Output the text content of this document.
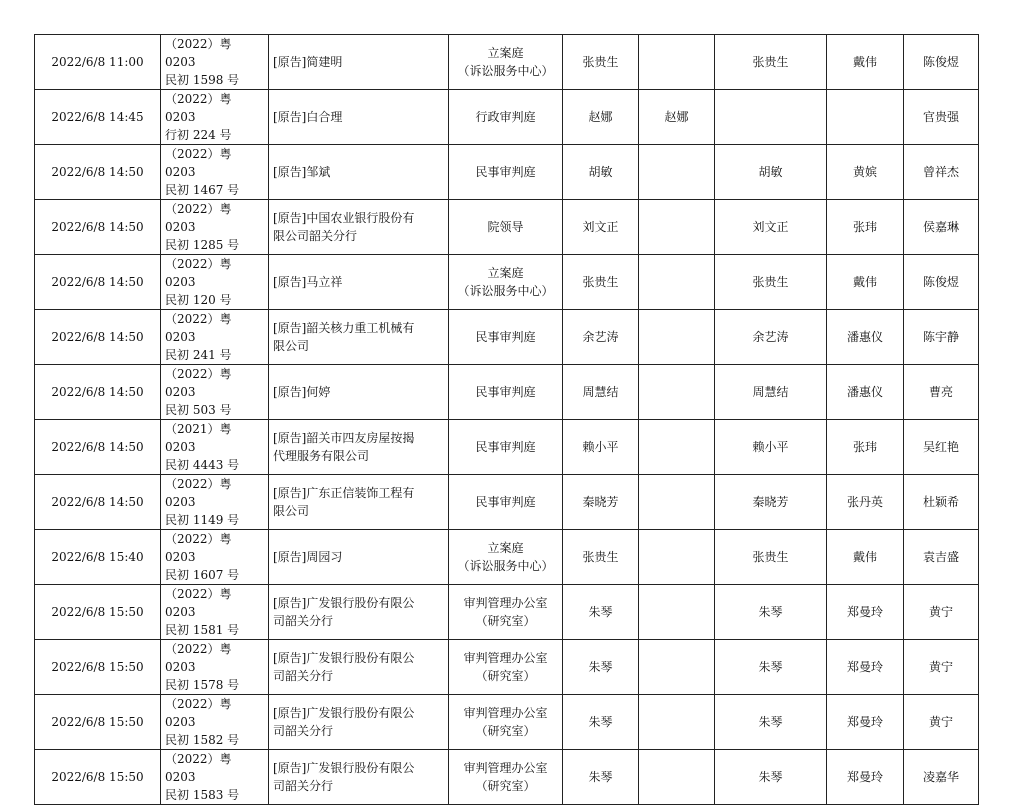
2022/6/8 11:00	（2022）粤 0203
民初 1598 号	[原告]简建明	立案庭
（诉讼服务中心）	张贵生		张贵生	戴伟	陈俊煜
2022/6/8 14:45	（2022）粤 0203
行初 224 号	[原告]白合理	行政审判庭	赵娜	赵娜			官贵强
2022/6/8 14:50	（2022）粤 0203
民初 1467 号	[原告]邹斌	民事审判庭	胡敏		胡敏	黄嫔	曾祥杰
2022/6/8 14:50	（2022）粤 0203
民初 1285 号	[原告]中国农业银行股份有
限公司韶关分行	院领导	刘文正		刘文正	张玮	侯嘉琳
2022/6/8 14:50	（2022）粤 0203
民初 120 号	[原告]马立祥	立案庭
（诉讼服务中心）	张贵生		张贵生	戴伟	陈俊煜
2022/6/8 14:50	（2022）粤 0203
民初 241 号	[原告]韶关核力重工机械有
限公司	民事审判庭	余艺涛		余艺涛	潘惠仪	陈宇静
2022/6/8 14:50	（2022）粤 0203
民初 503 号	[原告]何婷	民事审判庭	周慧结		周慧结	潘惠仪	曹亮
2022/6/8 14:50	（2021）粤 0203
民初 4443 号	[原告]韶关市四友房屋按揭
代理服务有限公司	民事审判庭	赖小平		赖小平	张玮	吴红艳
2022/6/8 14:50	（2022）粤 0203
民初 1149 号	[原告]广东正信装饰工程有
限公司	民事审判庭	秦晓芳		秦晓芳	张丹英	杜颖希
2022/6/8 15:40	（2022）粤 0203
民初 1607 号	[原告]周园习	立案庭
（诉讼服务中心）	张贵生		张贵生	戴伟	袁吉盛
2022/6/8 15:50	（2022）粤 0203
民初 1581 号	[原告]广发银行股份有限公
司韶关分行	审判管理办公室
（研究室）	朱琴		朱琴	郑曼玲	黄宁
2022/6/8 15:50	（2022）粤 0203
民初 1578 号	[原告]广发银行股份有限公
司韶关分行	审判管理办公室
（研究室）	朱琴		朱琴	郑曼玲	黄宁
2022/6/8 15:50	（2022）粤 0203
民初 1582 号	[原告]广发银行股份有限公
司韶关分行	审判管理办公室
（研究室）	朱琴		朱琴	郑曼玲	黄宁
2022/6/8 15:50	（2022）粤 0203
民初 1583 号	[原告]广发银行股份有限公
司韶关分行	审判管理办公室
（研究室）	朱琴		朱琴	郑曼玲	凌嘉华
